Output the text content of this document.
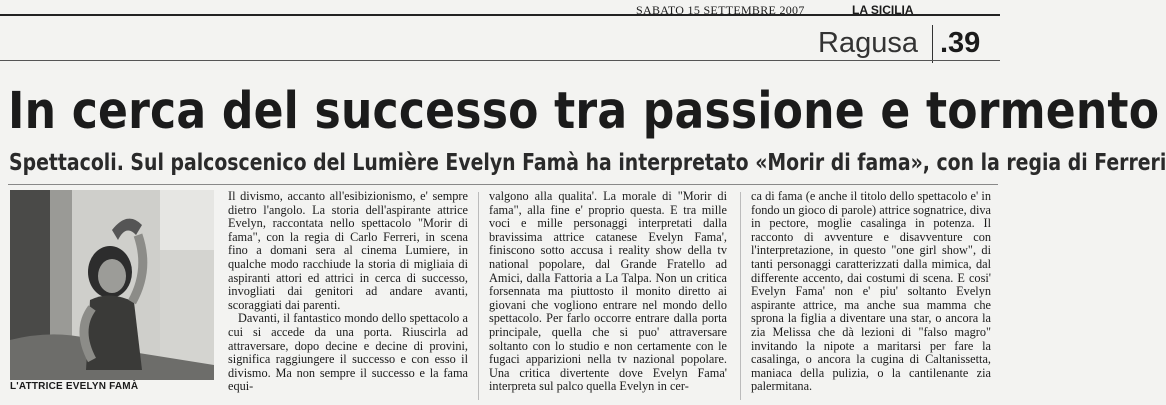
SABATO 15 SETTEMBRE 2007	LA SICILIA
Ragusa .39
In cerca del successo tra passione e tormento
Spettacoli. Sul palcoscenico del Lumière Evelyn Famà ha interpretato «Morir di fama», con la regia di Ferreri
L'ATTRICE EVELYN FAMÀ

Il divismo, accanto all'esibizionismo, e' sempre dietro l'angolo. La storia dell'aspirante attrice Evelyn, raccontata nello spettacolo "Morir di fama", con la regia di Carlo Ferreri, in scena fino a domani sera al cinema Lumiere, in qualche modo racchiude la storia di migliaia di aspiranti attori ed attrici in cerca di successo, invogliati dai genitori ad andare avanti, scoraggiati dai parenti.

Davanti, il fantastico mondo dello spettacolo a cui si accede da una porta. Riuscirla ad attraversare, dopo decine e decine di provini, significa raggiungere il successo e con esso il divismo. Ma non sempre il successo e la fama equi-

valgono alla qualita'. La morale di "Morir di fama", alla fine e' proprio questa. E tra mille voci e mille personaggi interpretati dalla bravissima attrice catanese Evelyn Fama', finiscono sotto accusa i reality show della tv national popolare, dal Grande Fratello ad Amici, dalla Fattoria a La Talpa. Non un critica forsennata ma piuttosto il monito diretto ai giovani che vogliono entrare nel mondo dello spettacolo. Per farlo occorre entrare dalla porta principale, quella che si puo' attraversare soltanto con lo studio e non certamente con le fugaci apparizioni nella tv nazional popolare. Una critica divertente dove Evelyn Fama' interpreta sul palco quella Evelyn in cer-

ca di fama (e anche il titolo dello spettacolo e' in fondo un gioco di parole) attrice sognatrice, diva in pectore, moglie casalinga in potenza. Il racconto di avventure e disavventure con l'interpretazione, in questo "one girl show", di tanti personaggi caratterizzati dalla mimica, dal differente accento, dai costumi di scena. E cosi' Evelyn Fama' non e' piu' soltanto Evelyn aspirante attrice, ma anche sua mamma che sprona la figlia a diventare una star, o ancora la zia Melissa che dà lezioni di "falso magro" invitando la nipote a maritarsi per fare la casalinga, o ancora la cugina di Caltanissetta, maniaca della pulizia, o la cantilenante zia palermitana.
